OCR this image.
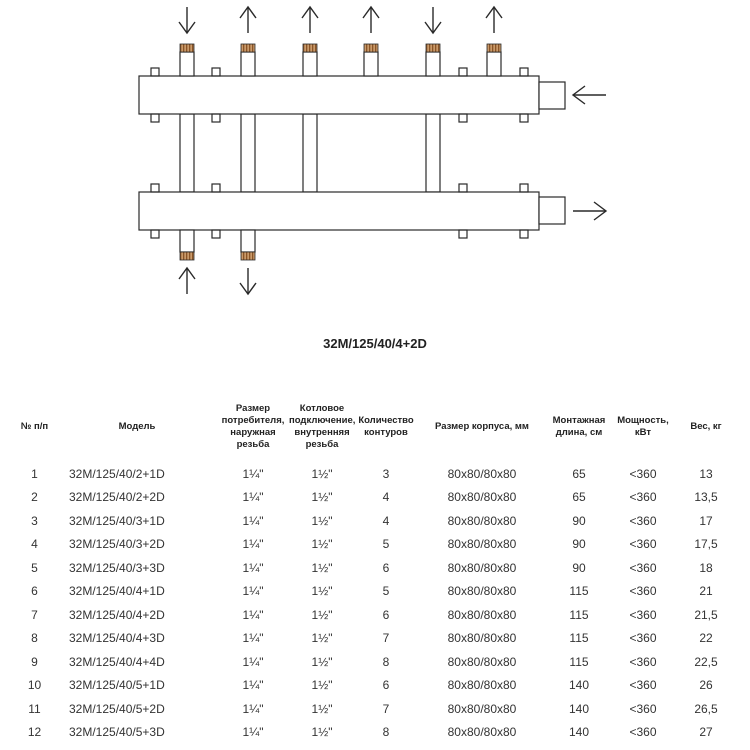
32M/125/40/4+2D
№ п/п	Модель	Размер потребителя, наружная резьба	Котловое подключение, внутренняя резьба	Количество контуров	Размер корпуса, мм	Монтажная длина, см	Мощность, кВт	Вес, кг
1	32M/125/40/2+1D	1¼"	1½"	3	80x80/80x80	65	<360	13
2	32M/125/40/2+2D	1¼"	1½"	4	80x80/80x80	65	<360	13,5
3	32M/125/40/3+1D	1¼"	1½"	4	80x80/80x80	90	<360	17
4	32M/125/40/3+2D	1¼"	1½"	5	80x80/80x80	90	<360	17,5
5	32M/125/40/3+3D	1¼"	1½"	6	80x80/80x80	90	<360	18
6	32M/125/40/4+1D	1¼"	1½"	5	80x80/80x80	115	<360	21
7	32M/125/40/4+2D	1¼"	1½"	6	80x80/80x80	115	<360	21,5
8	32M/125/40/4+3D	1¼"	1½"	7	80x80/80x80	115	<360	22
9	32M/125/40/4+4D	1¼"	1½"	8	80x80/80x80	115	<360	22,5
10	32M/125/40/5+1D	1¼"	1½"	6	80x80/80x80	140	<360	26
11	32M/125/40/5+2D	1¼"	1½"	7	80x80/80x80	140	<360	26,5
12	32M/125/40/5+3D	1¼"	1½"	8	80x80/80x80	140	<360	27
